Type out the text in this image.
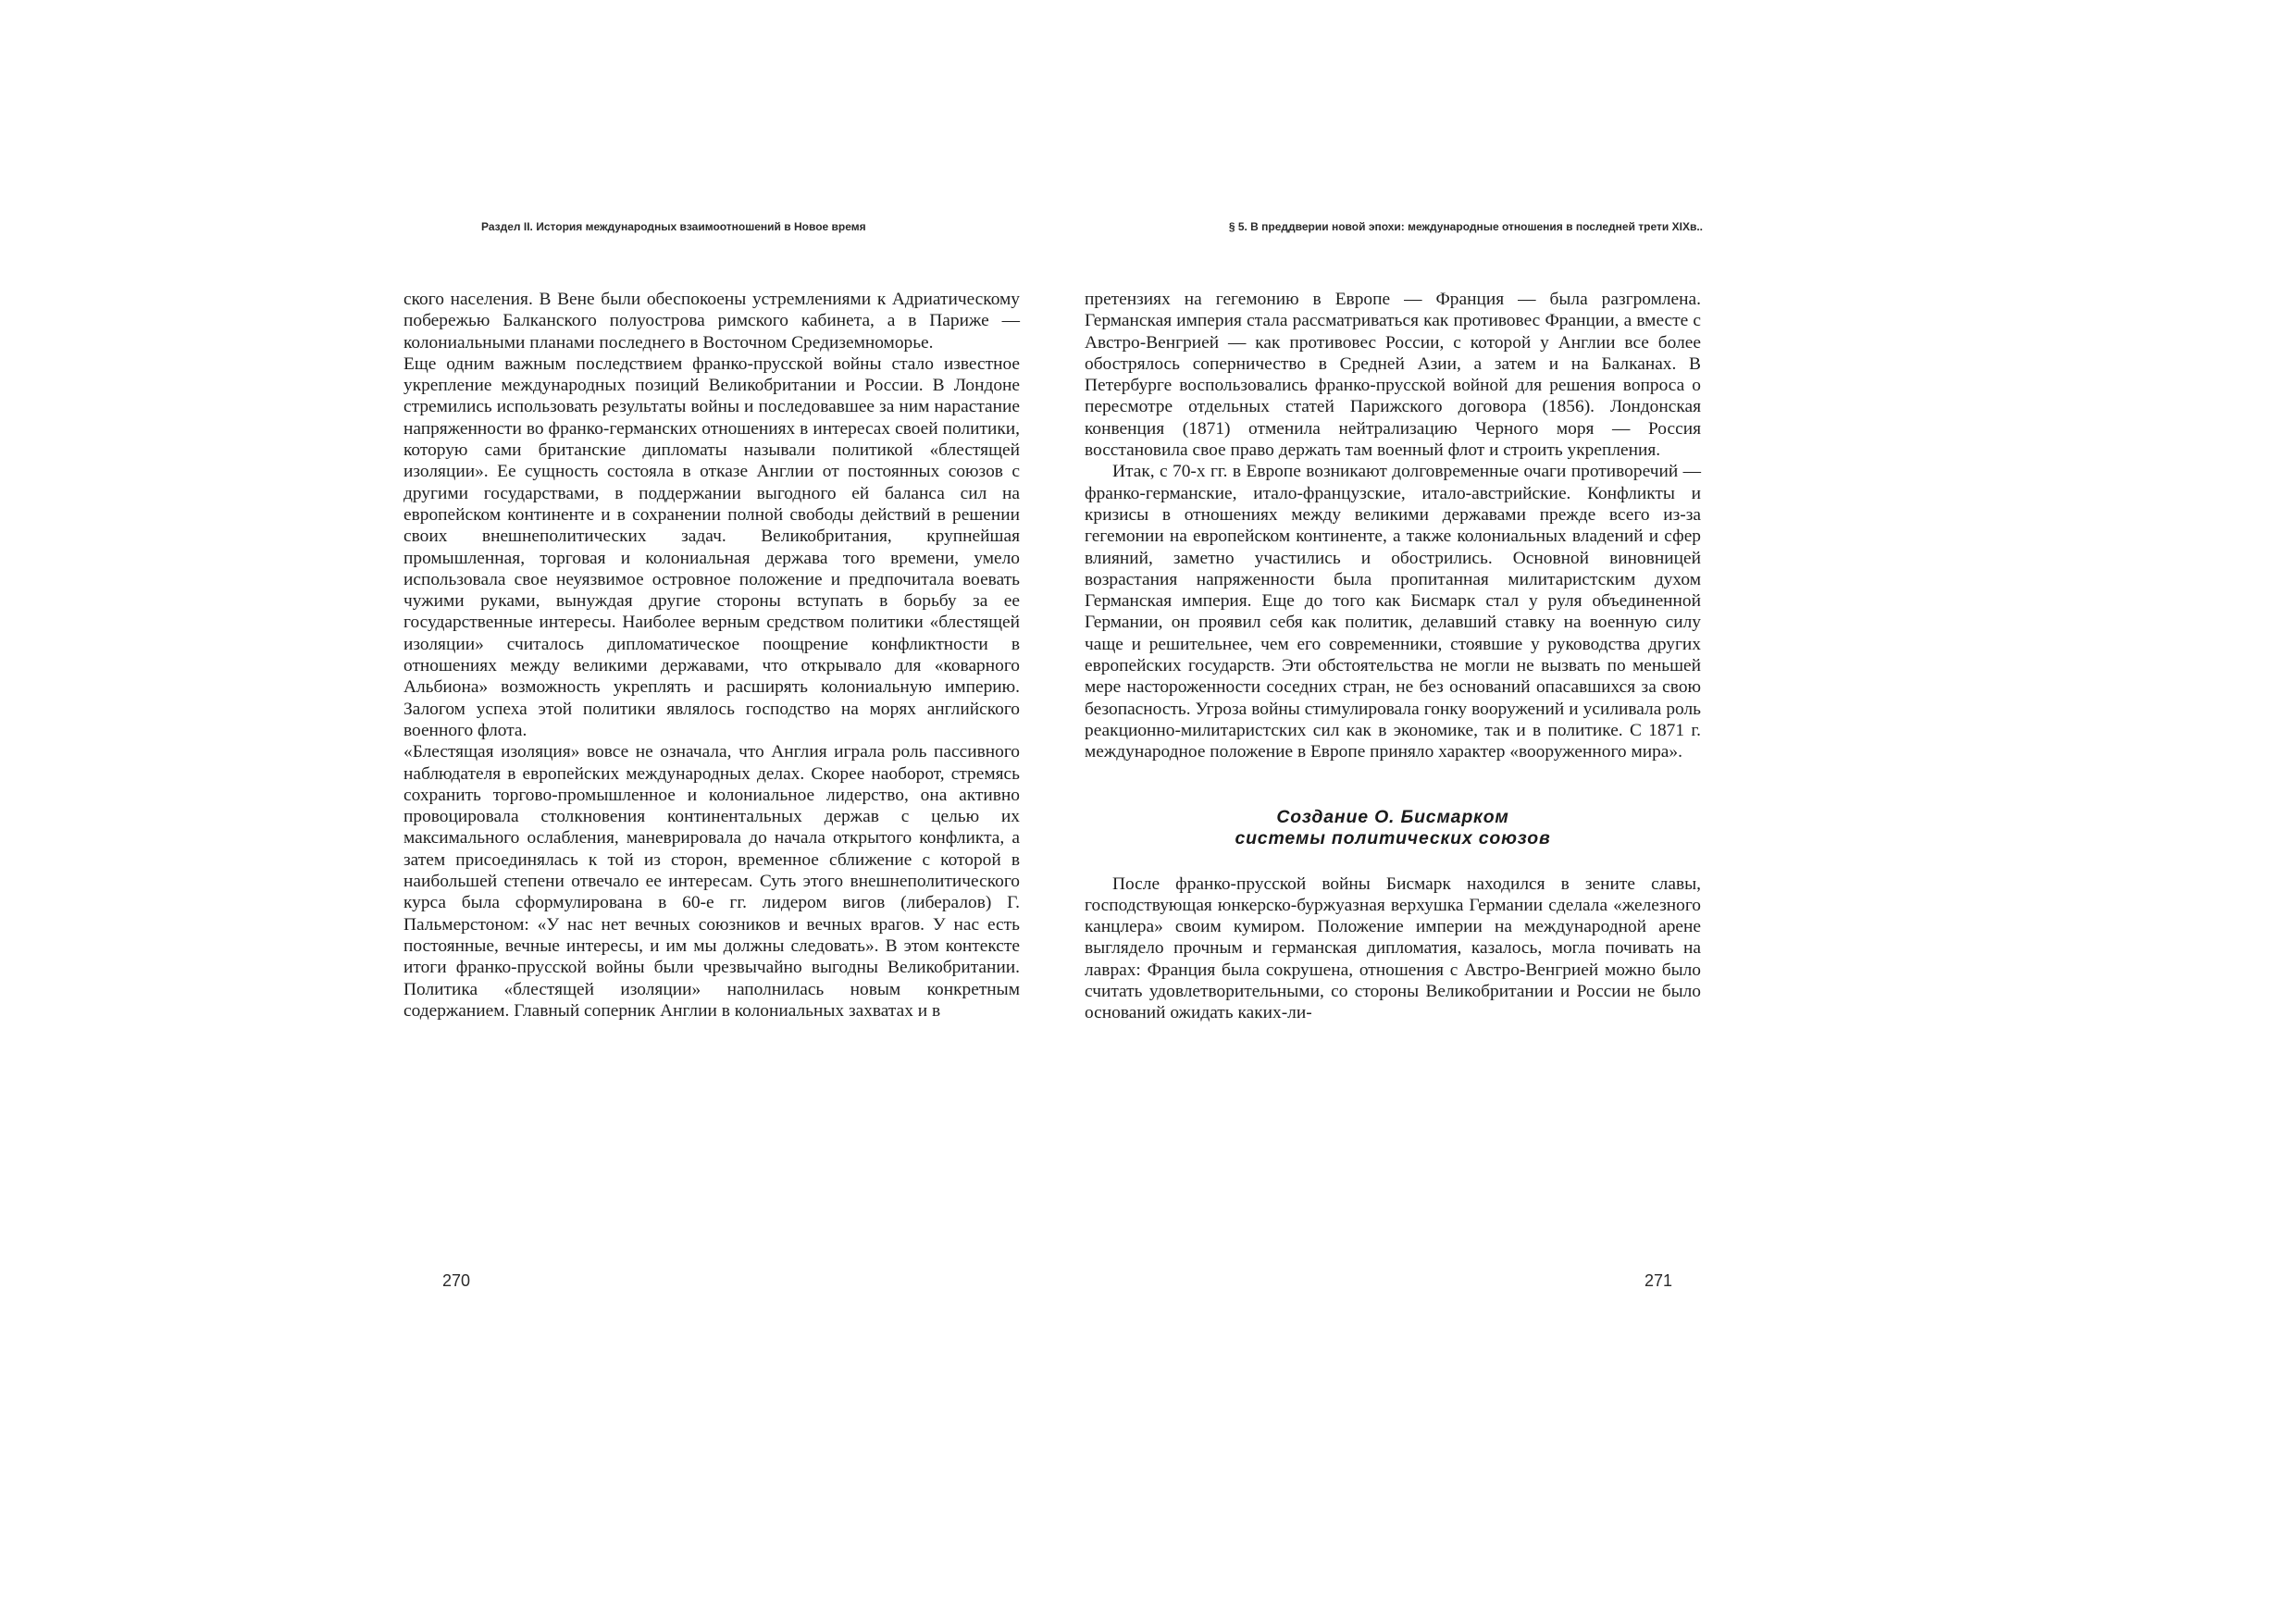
Раздел II. История международных взаимоотношений в Новое время	§ 5. В преддверии новой эпохи: международные отношения в последней трети XIXв..

ского населения. В Вене были обеспокоены устремлениями к Адриатическому побережью Балканского полуострова римского кабинета, а в Париже — колониальными планами последнего в Восточном Средиземноморье.

Еще одним важным последствием франко-прусской войны стало известное укрепление международных позиций Великобритании и России. В Лондоне стремились использовать результаты войны и последовавшее за ним нарастание напряженности во франко-германских отношениях в интересах своей политики, которую сами британские дипломаты называли политикой «блестящей изоляции». Ее сущность состояла в отказе Англии от постоянных союзов с другими государствами, в поддержании выгодного ей баланса сил на европейском континенте и в сохранении полной свободы действий в решении своих внешнеполитических задач. Великобритания, крупнейшая промышленная, торговая и колониальная держава того времени, умело использовала свое неуязвимое островное положение и предпочитала воевать чужими руками, вынуждая другие стороны вступать в борьбу за ее государственные интересы. Наиболее верным средством политики «блестящей изоляции» считалось дипломатическое поощрение конфликтности в отношениях между великими державами, что открывало для «коварного Альбиона» возможность укреплять и расширять колониальную империю. Залогом успеха этой политики являлось господство на морях английского военного флота.

«Блестящая изоляция» вовсе не означала, что Англия играла роль пассивного наблюдателя в европейских международных делах. Скорее наоборот, стремясь сохранить торгово-промышленное и колониальное лидерство, она активно провоцировала столкновения континентальных держав с целью их максимального ослабления, маневрировала до начала открытого конфликта, а затем присоединялась к той из сторон, временное сближение с которой в наибольшей степени отвечало ее интересам. Суть этого внешнеполитического курса была сформулирована в 60-е гг. лидером вигов (либералов) Г. Пальмерстоном: «У нас нет вечных союзников и вечных врагов. У нас есть постоянные, вечные интересы, и им мы должны следовать». В этом контексте итоги франко-прусской войны были чрезвычайно выгодны Великобритании. Политика «блестящей изоляции» наполнилась новым конкретным содержанием. Главный соперник Англии в колониальных захватах и в

претензиях на гегемонию в Европе — Франция — была разгромлена. Германская империя стала рассматриваться как противовес Франции, а вместе с Австро-Венгрией — как противовес России, с которой у Англии все более обострялось соперничество в Средней Азии, а затем и на Балканах. В Петербурге воспользовались франко-прусской войной для решения вопроса о пересмотре отдельных статей Парижского договора (1856). Лондонская конвенция (1871) отменила нейтрализацию Черного моря — Россия восстановила свое право держать там военный флот и строить укрепления.

Итак, с 70-х гг. в Европе возникают долговременные очаги противоречий — франко-германские, итало-французские, итало-австрийские. Конфликты и кризисы в отношениях между великими державами прежде всего из-за гегемонии на европейском континенте, а также колониальных владений и сфер влияний, заметно участились и обострились. Основной виновницей возрастания напряженности была пропитанная милитаристским духом Германская империя. Еще до того как Бисмарк стал у руля объединенной Германии, он проявил себя как политик, делавший ставку на военную силу чаще и решительнее, чем его современники, стоявшие у руководства других европейских государств. Эти обстоятельства не могли не вызвать по меньшей мере настороженности соседних стран, не без оснований опасавшихся за свою безопасность. Угроза войны стимулировала гонку вооружений и усиливала роль реакционно-милитаристских сил как в экономике, так и в политике. С 1871 г. международное положение в Европе приняло характер «вооруженного мира».

Создание О. Бисмарком
системы политических союзов

После франко-прусской войны Бисмарк находился в зените славы, господствующая юнкерско-буржуазная верхушка Германии сделала «железного канцлера» своим кумиром. Положение империи на международной арене выглядело прочным и германская дипломатия, казалось, могла почивать на лаврах: Франция была сокрушена, отношения с Австро-Венгрией можно было считать удовлетворительными, со стороны Великобритании и России не было оснований ожидать каких-ли-

270	271
